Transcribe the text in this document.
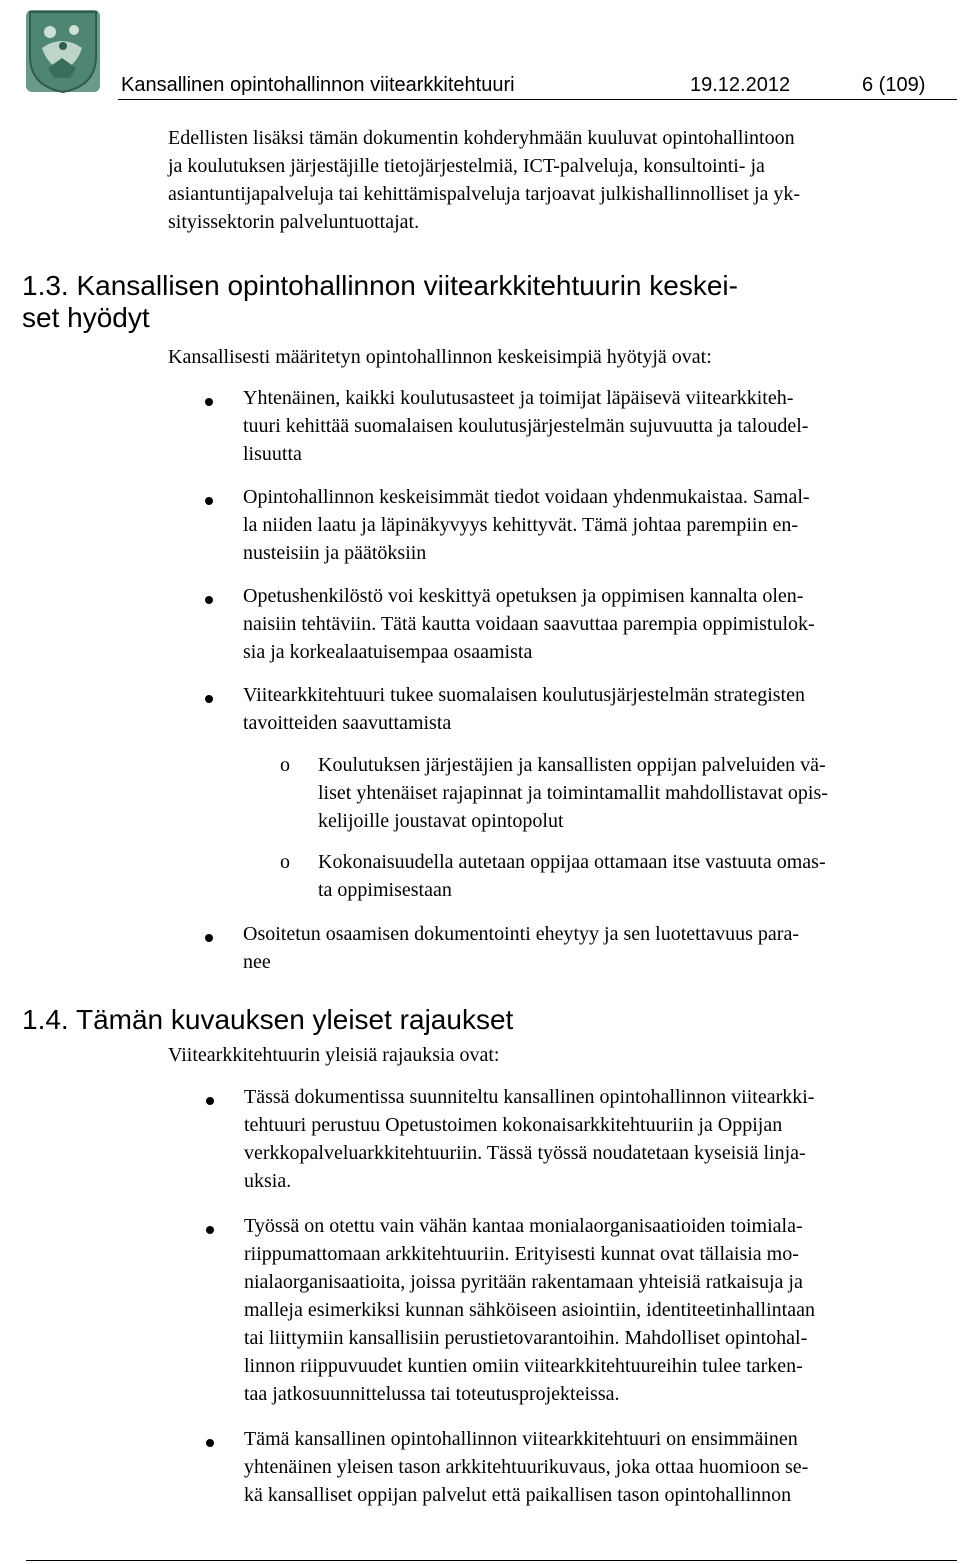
Kansallinen opintohallinnon viitearkkitehtuuri	19.12.2012	6 (109)

Edellisten lisäksi tämän dokumentin kohderyhmään kuuluvat opintohallintoon
ja koulutuksen järjestäjille tietojärjestelmiä, ICT-palveluja, konsultointi- ja
asiantuntijapalveluja tai kehittämispalveluja tarjoavat julkishallinnolliset ja yk-
sityissektorin palveluntuottajat.

1.3. Kansallisen opintohallinnon viitearkkitehtuurin keskei-
set hyödyt

Kansallisesti määritetyn opintohallinnon keskeisimpiä hyötyjä ovat:

Yhtenäinen, kaikki koulutusasteet ja toimijat läpäisevä viitearkkiteh-
tuuri kehittää suomalaisen koulutusjärjestelmän sujuvuutta ja taloudel-
lisuutta

Opintohallinnon keskeisimmät tiedot voidaan yhdenmukaistaa. Samal-
la niiden laatu ja läpinäkyvyys kehittyvät. Tämä johtaa parempiin en-
nusteisiin ja päätöksiin

Opetushenkilöstö voi keskittyä opetuksen ja oppimisen kannalta olen-
naisiin tehtäviin. Tätä kautta voidaan saavuttaa parempia oppimistulok-
sia ja korkealaatuisempaa osaamista

Viitearkkitehtuuri tukee suomalaisen koulutusjärjestelmän strategisten
tavoitteiden saavuttamista

o Koulutuksen järjestäjien ja kansallisten oppijan palveluiden vä-
liset yhtenäiset rajapinnat ja toimintamallit mahdollistavat opis-
kelijoille joustavat opintopolut

o Kokonaisuudella autetaan oppijaa ottamaan itse vastuuta omas-
ta oppimisestaan

Osoitetun osaamisen dokumentointi eheytyy ja sen luotettavuus para-
nee

1.4. Tämän kuvauksen yleiset rajaukset

Viitearkkitehtuurin yleisiä rajauksia ovat:

Tässä dokumentissa suunniteltu kansallinen opintohallinnon viitearkki-
tehtuuri perustuu Opetustoimen kokonaisarkkitehtuuriin ja Oppijan
verkkopalveluarkkitehtuuriin. Tässä työssä noudatetaan kyseisiä linja-
uksia.

Työssä on otettu vain vähän kantaa monialaorganisaatioiden toimiala-
riippumattomaan arkkitehtuuriin. Erityisesti kunnat ovat tällaisia mo-
nialaorganisaatioita, joissa pyritään rakentamaan yhteisiä ratkaisuja ja
malleja esimerkiksi kunnan sähköiseen asiointiin, identiteetinhallintaan
tai liittymiin kansallisiin perustietovarantoihin. Mahdolliset opintohal-
linnon riippuvuudet kuntien omiin viitearkkitehtuureihin tulee tarken-
taa jatkosuunnittelussa tai toteutusprojekteissa.

Tämä kansallinen opintohallinnon viitearkkitehtuuri on ensimmäinen
yhtenäinen yleisen tason arkkitehtuurikuvaus, joka ottaa huomioon se-
kä kansalliset oppijan palvelut että paikallisen tason opintohallinnon
